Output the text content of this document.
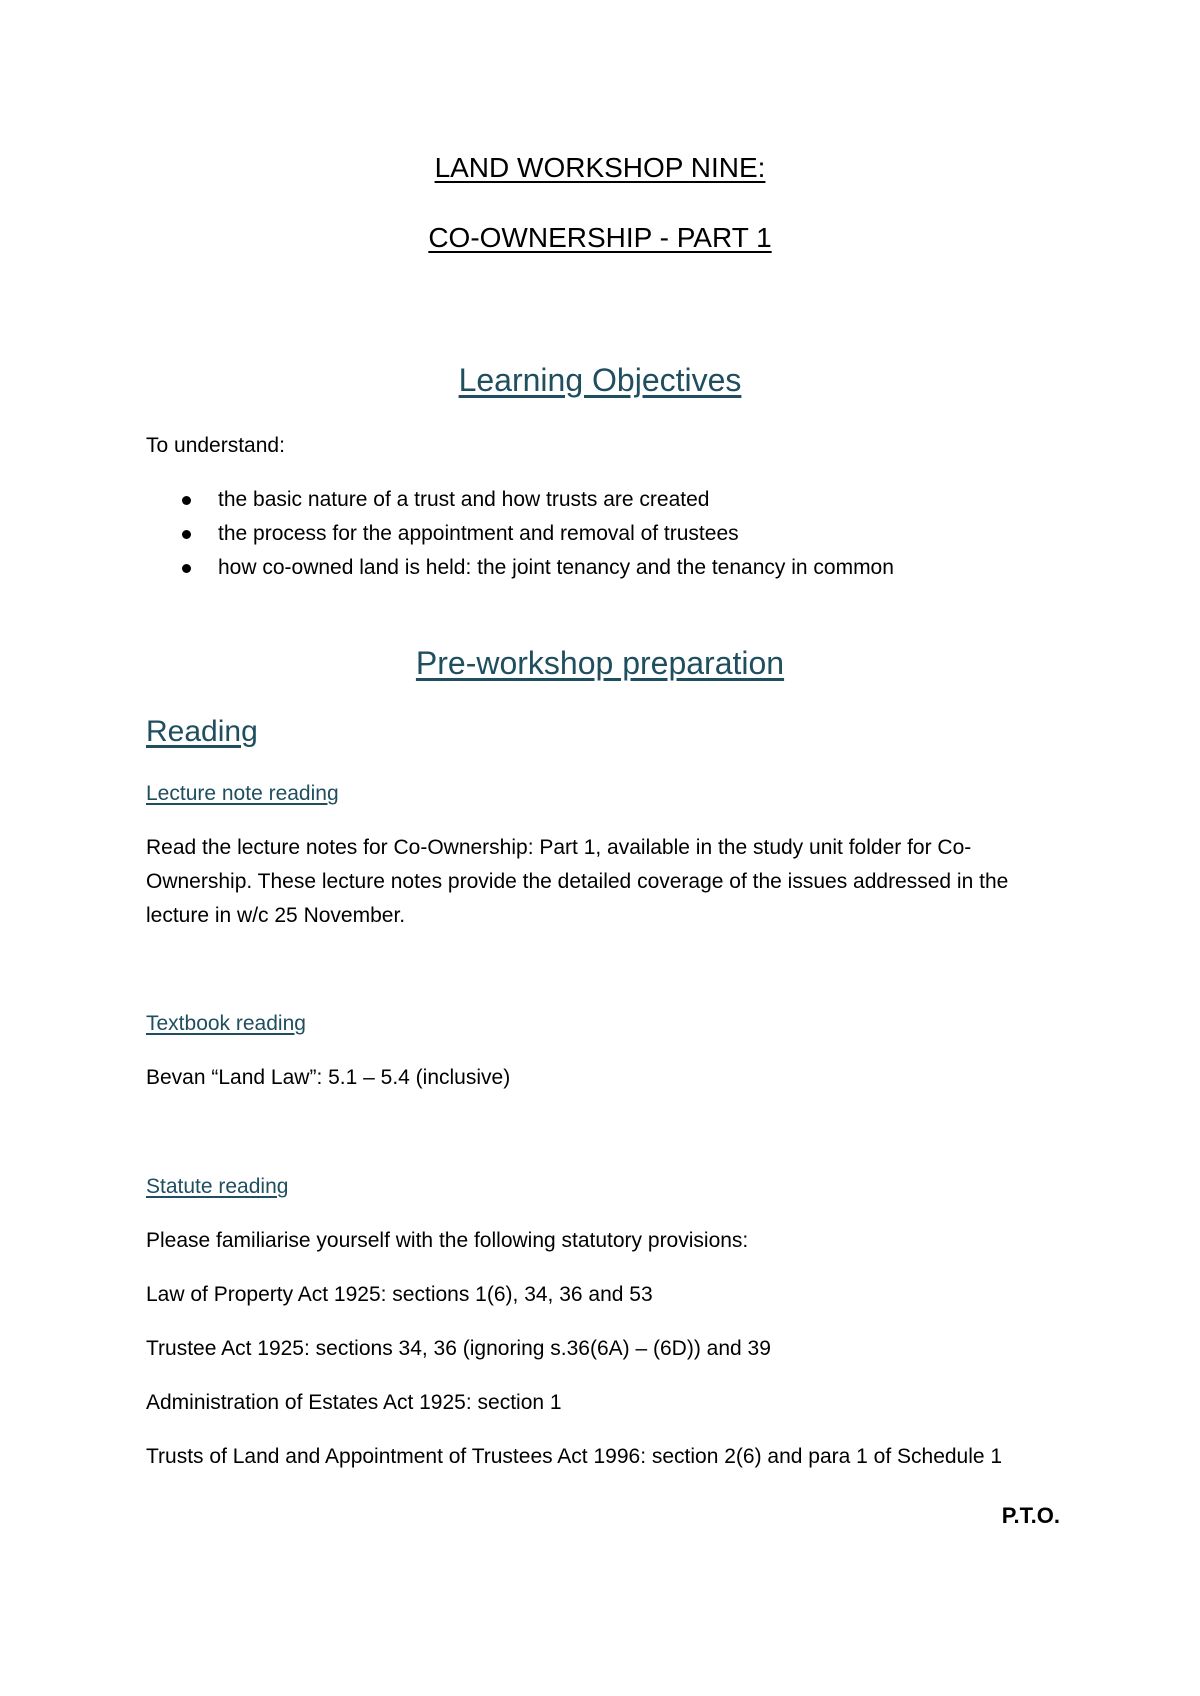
LAND WORKSHOP NINE:
CO-OWNERSHIP - PART 1
Learning Objectives
To understand:
the basic nature of a trust and how trusts are created
the process for the appointment and removal of trustees
how co-owned land is held: the joint tenancy and the tenancy in common
Pre-workshop preparation
Reading
Lecture note reading
Read the lecture notes for Co-Ownership: Part 1, available in the study unit folder for Co-Ownership. These lecture notes provide the detailed coverage of the issues addressed in the lecture in w/c 25 November.
Textbook reading
Bevan “Land Law”: 5.1 – 5.4 (inclusive)
Statute reading
Please familiarise yourself with the following statutory provisions:
Law of Property Act 1925: sections 1(6), 34, 36 and 53
Trustee Act 1925: sections 34, 36 (ignoring s.36(6A) – (6D)) and 39
Administration of Estates Act 1925: section 1
Trusts of Land and Appointment of Trustees Act 1996: section 2(6) and para 1 of Schedule 1
P.T.O.
